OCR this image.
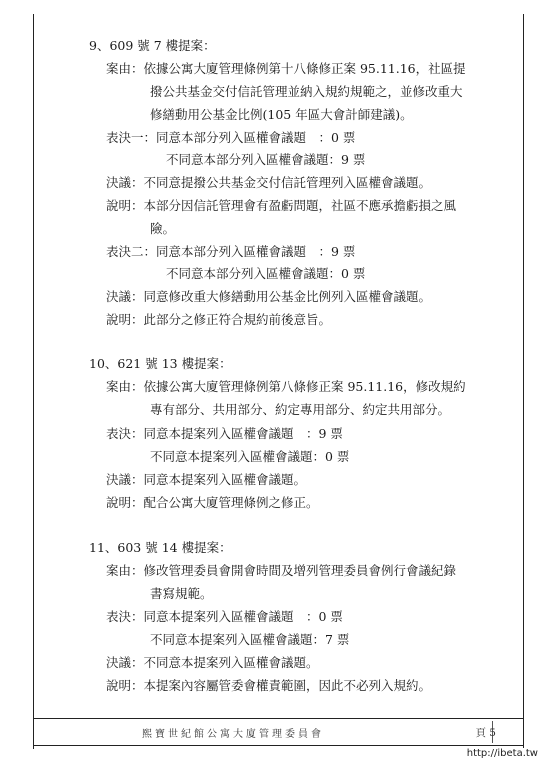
9、609 號 7 樓提案：
案由：依據公寓大廈管理條例第十八條修正案 95.11.16，社區提
撥公共基金交付信託管理並納入規約規範之，並修改重大
修繕動用公基金比例(105 年區大會計師建議)。
表決一：同意本部分列入區權會議題　：0 票
不同意本部分列入區權會議題：9 票
決議：不同意提撥公共基金交付信託管理列入區權會議題。
說明：本部分因信託管理會有盈虧問題，社區不應承擔虧損之風
險。
表決二：同意本部分列入區權會議題　：9 票
不同意本部分列入區權會議題：0 票
決議：同意修改重大修繕動用公基金比例列入區權會議題。
說明：此部分之修正符合規約前後意旨。
10、621 號 13 樓提案：
案由：依據公寓大廈管理條例第八條修正案 95.11.16，修改規約
專有部分、共用部分、約定專用部分、約定共用部分。
表決：同意本提案列入區權會議題　：9 票
不同意本提案列入區權會議題：0 票
決議：同意本提案列入區權會議題。
說明：配合公寓大廈管理條例之修正。
11、603 號 14 樓提案：
案由：修改管理委員會開會時間及增列管理委員會例行會議紀錄
書寫規範。
表決：同意本提案列入區權會議題　：0 票
不同意本提案列入區權會議題：7 票
決議：不同意本提案列入區權會議題。
說明：本提案內容屬管委會權責範圍，因此不必列入規約。
熙寶世紀館公寓大廈管理委員會	頁 5
http://ibeta.tw
